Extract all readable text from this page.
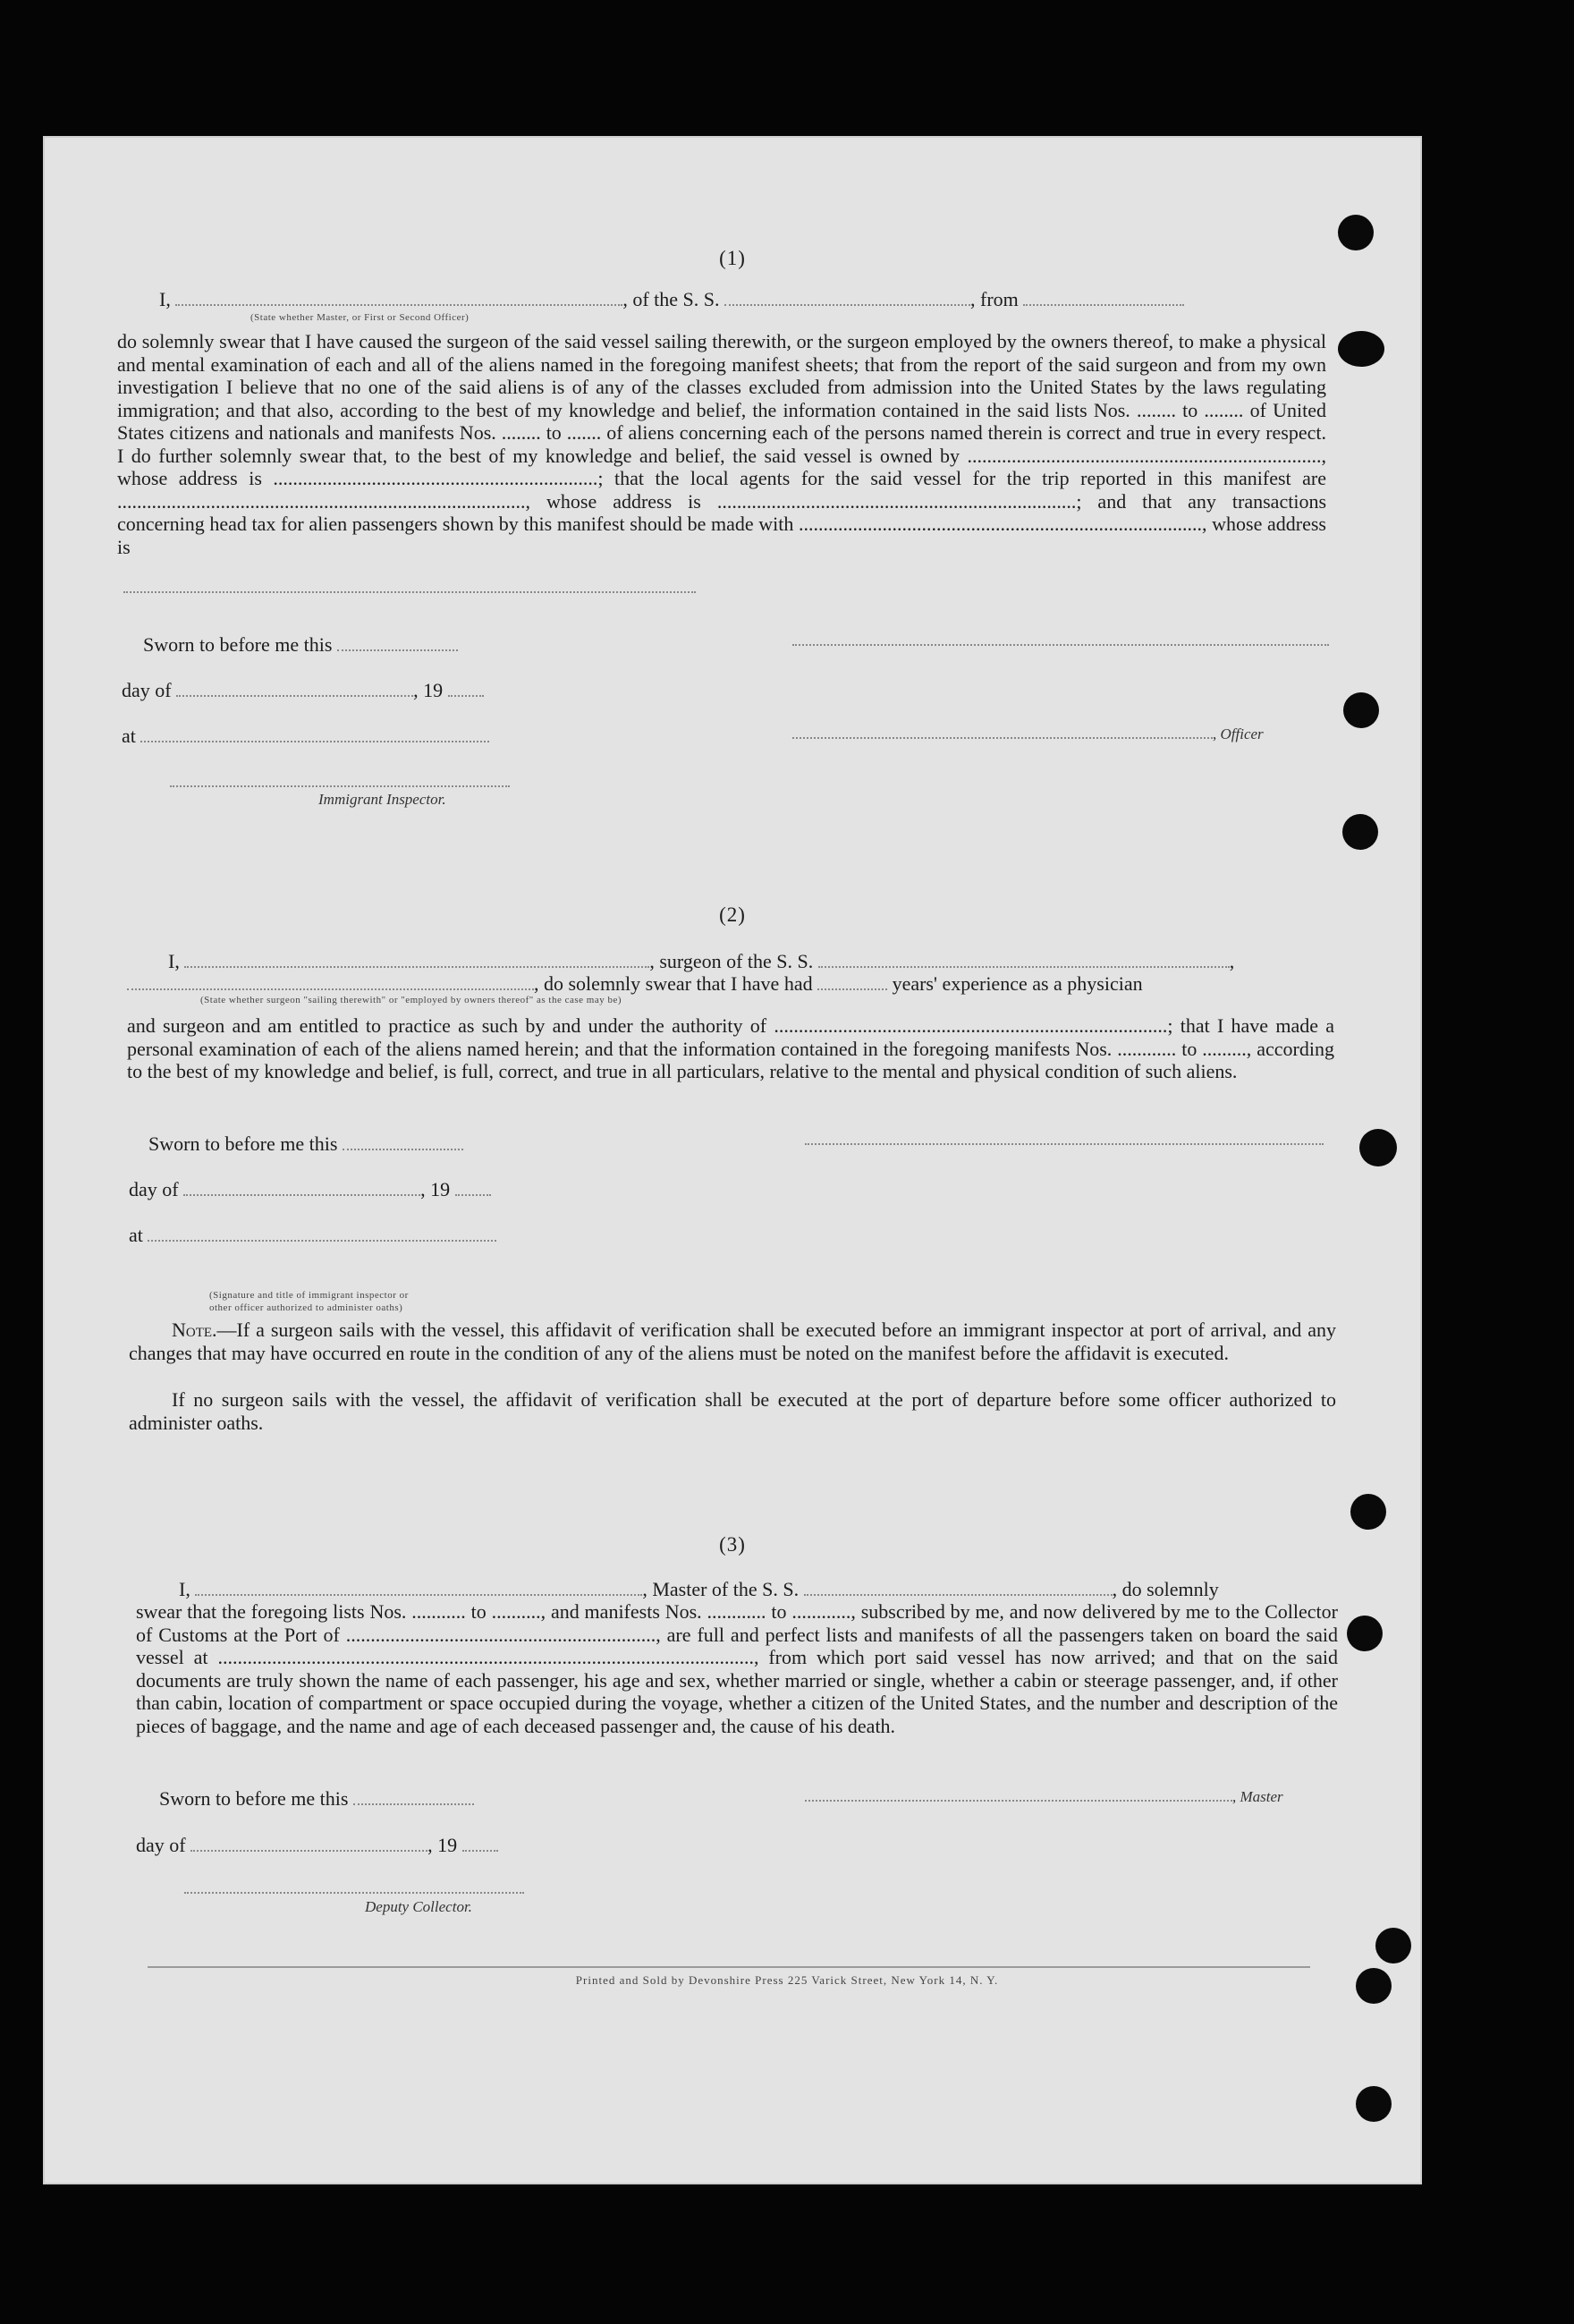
(1)
I,	, of the S. S.	, from
(State whether Master, or First or Second Officer)
do solemnly swear that I have caused the surgeon of the said vessel sailing therewith, or the surgeon employed by the owners thereof, to make a physical and mental examination of each and all of the aliens named in the foregoing manifest sheets; that from the report of the said surgeon and from my own investigation I believe that no one of the said aliens is of any of the classes excluded from admission into the United States by the laws regulating immigration; and that also, according to the best of my knowledge and belief, the information contained in the said lists Nos. ........ to ........ of United States citizens and nationals and manifests Nos. ........ to ....... of aliens concerning each of the persons named therein is correct and true in every respect. I do further solemnly swear that, to the best of my knowledge and belief, the said vessel is owned by ........................................................................, whose address is ..................................................................; that the local agents for the said vessel for the trip reported in this manifest are ..................................................................................., whose address is .........................................................................; and that any transactions concerning head tax for alien passengers shown by this manifest should be made with .................................................................................., whose address is
Sworn to before me this
day of	, 19
at	, Officer
Immigrant Inspector.
(2)
I,	, surgeon of the S. S.	,
, do solemnly swear that I have had	years' experience as a physician
(State whether surgeon "sailing therewith" or "employed by owners thereof" as the case may be)
and surgeon and am entitled to practice as such by and under the authority of ................................................................................; that I have made a personal examination of each of the aliens named herein; and that the information contained in the foregoing manifests Nos. ............ to ........., according to the best of my knowledge and belief, is full, correct, and true in all particulars, relative to the mental and physical condition of such aliens.
Sworn to before me this
day of	, 19
at
(Signature and title of immigrant inspector or
other officer authorized to administer oaths)
Note.—If a surgeon sails with the vessel, this affidavit of verification shall be executed before an immigrant inspector at port of arrival, and any changes that may have occurred en route in the condition of any of the aliens must be noted on the manifest before the affidavit is executed.
If no surgeon sails with the vessel, the affidavit of verification shall be executed at the port of departure before some officer authorized to administer oaths.
(3)
I,	, Master of the S. S.	, do solemnly
swear that the foregoing lists Nos. ........... to .........., and manifests Nos. ............ to ............, subscribed by me, and now delivered by me to the Collector of Customs at the Port of ..............................................................., are full and perfect lists and manifests of all the passengers taken on board the said vessel at ............................................................................................................., from which port said vessel has now arrived; and that on the said documents are truly shown the name of each passenger, his age and sex, whether married or single, whether a cabin or steerage passenger, and, if other than cabin, location of compartment or space occupied during the voyage, whether a citizen of the United States, and the number and description of the pieces of baggage, and the name and age of each deceased passenger and, the cause of his death.
Sworn to before me this	, Master
day of	, 19
Deputy Collector.
Printed and Sold by Devonshire Press 225 Varick Street, New York 14, N. Y.
